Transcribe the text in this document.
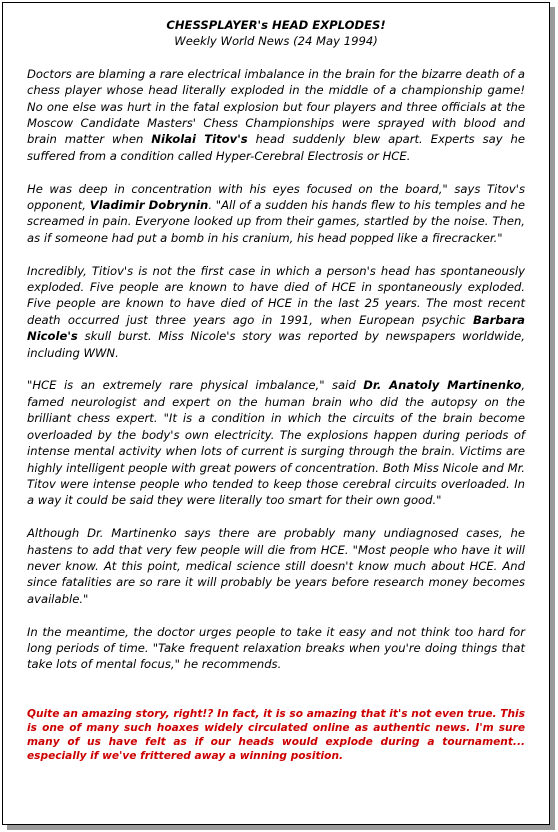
CHESSPLAYER's HEAD EXPLODES!
Weekly World News (24 May 1994)

Doctors are blaming a rare electrical imbalance in the brain for the bizarre death of a chess player whose head literally exploded in the middle of a championship game! No one else was hurt in the fatal explosion but four players and three officials at the Moscow Candidate Masters' Chess Championships were sprayed with blood and brain matter when Nikolai Titov's head suddenly blew apart. Experts say he suffered from a condition called Hyper-Cerebral Electrosis or HCE.

He was deep in concentration with his eyes focused on the board," says Titov's opponent, Vladimir Dobrynin. "All of a sudden his hands flew to his temples and he screamed in pain. Everyone looked up from their games, startled by the noise. Then, as if someone had put a bomb in his cranium, his head popped like a firecracker."

Incredibly, Titiov's is not the first case in which a person's head has spontaneously exploded. Five people are known to have died of HCE in spontaneously exploded. Five people are known to have died of HCE in the last 25 years. The most recent death occurred just three years ago in 1991, when European psychic Barbara Nicole's skull burst. Miss Nicole's story was reported by newspapers worldwide, including WWN.

"HCE is an extremely rare physical imbalance," said Dr. Anatoly Martinenko, famed neurologist and expert on the human brain who did the autopsy on the brilliant chess expert. "It is a condition in which the circuits of the brain become overloaded by the body's own electricity. The explosions happen during periods of intense mental activity when lots of current is surging through the brain. Victims are highly intelligent people with great powers of concentration. Both Miss Nicole and Mr. Titov were intense people who tended to keep those cerebral circuits overloaded. In a way it could be said they were literally too smart for their own good."

Although Dr. Martinenko says there are probably many undiagnosed cases, he hastens to add that very few people will die from HCE. "Most people who have it will never know. At this point, medical science still doesn't know much about HCE. And since fatalities are so rare it will probably be years before research money becomes available."

In the meantime, the doctor urges people to take it easy and not think too hard for long periods of time. "Take frequent relaxation breaks when you're doing things that take lots of mental focus," he recommends.

Quite an amazing story, right!? In fact, it is so amazing that it's not even true. This is one of many such hoaxes widely circulated online as authentic news. I'm sure many of us have felt as if our heads would explode during a tournament... especially if we've frittered away a winning position.
